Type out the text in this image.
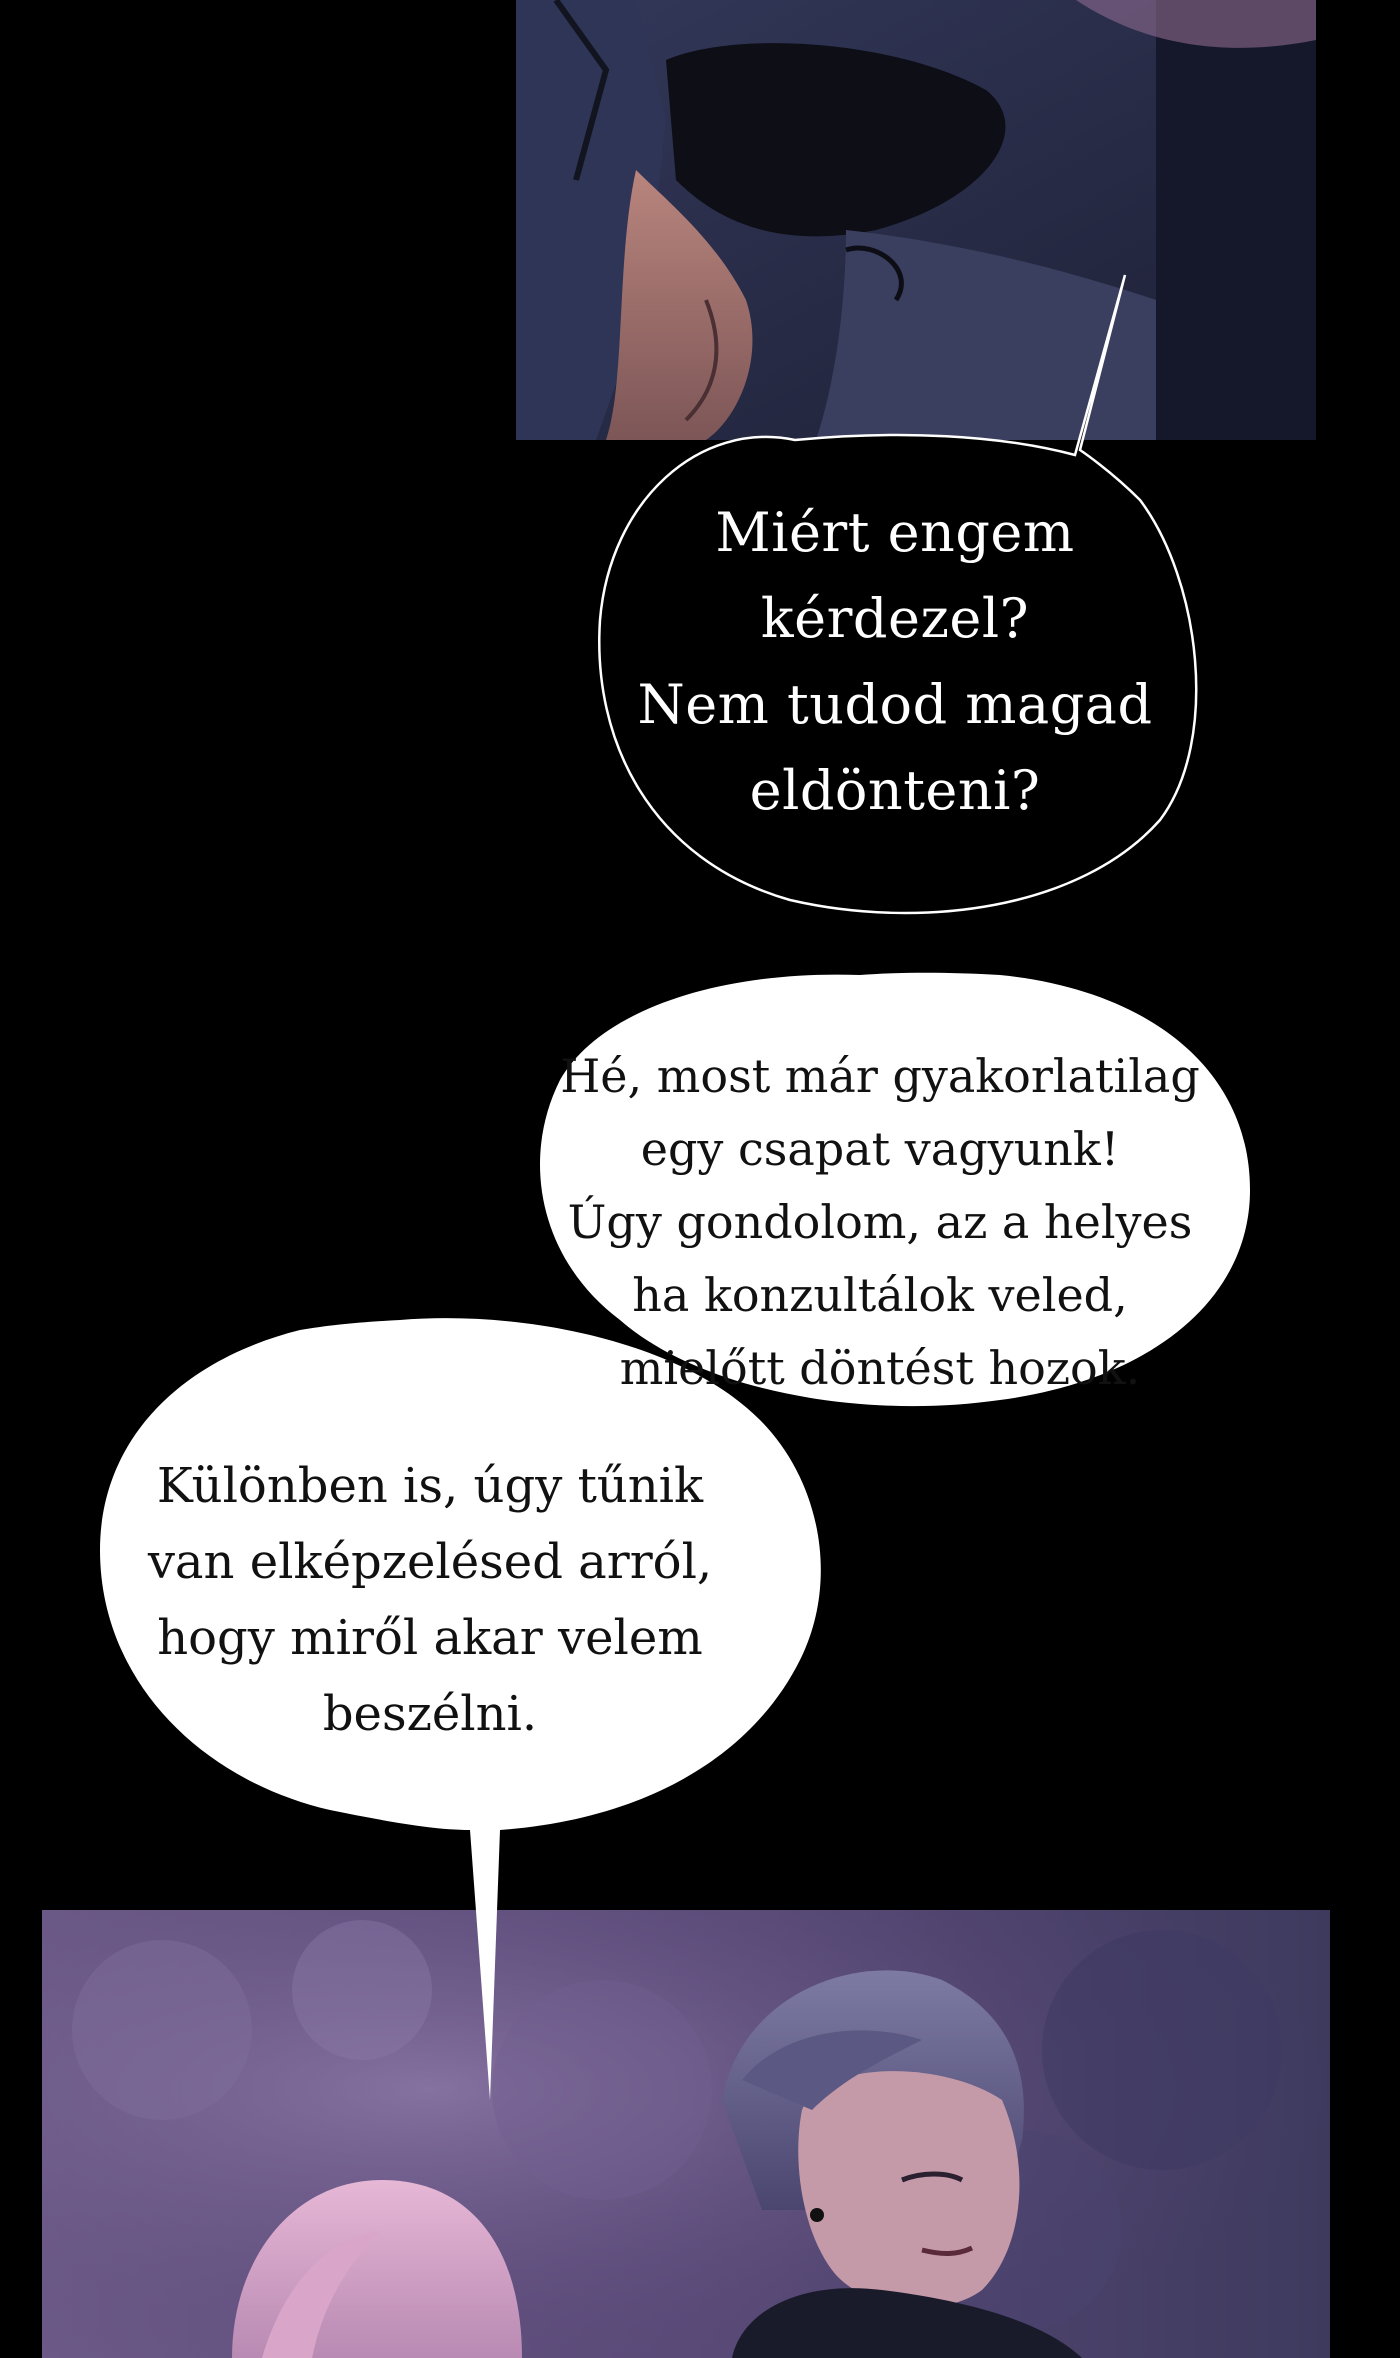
Miért engem
kérdezel?
Nem tudod magad
eldönteni?
Hé, most már gyakorlatilag
egy csapat vagyunk!
Úgy gondolom, az a helyes
ha konzultálok veled,
mielőtt döntést hozok.
Különben is, úgy tűnik
van elképzelésed arról,
hogy miről akar velem
beszélni.
